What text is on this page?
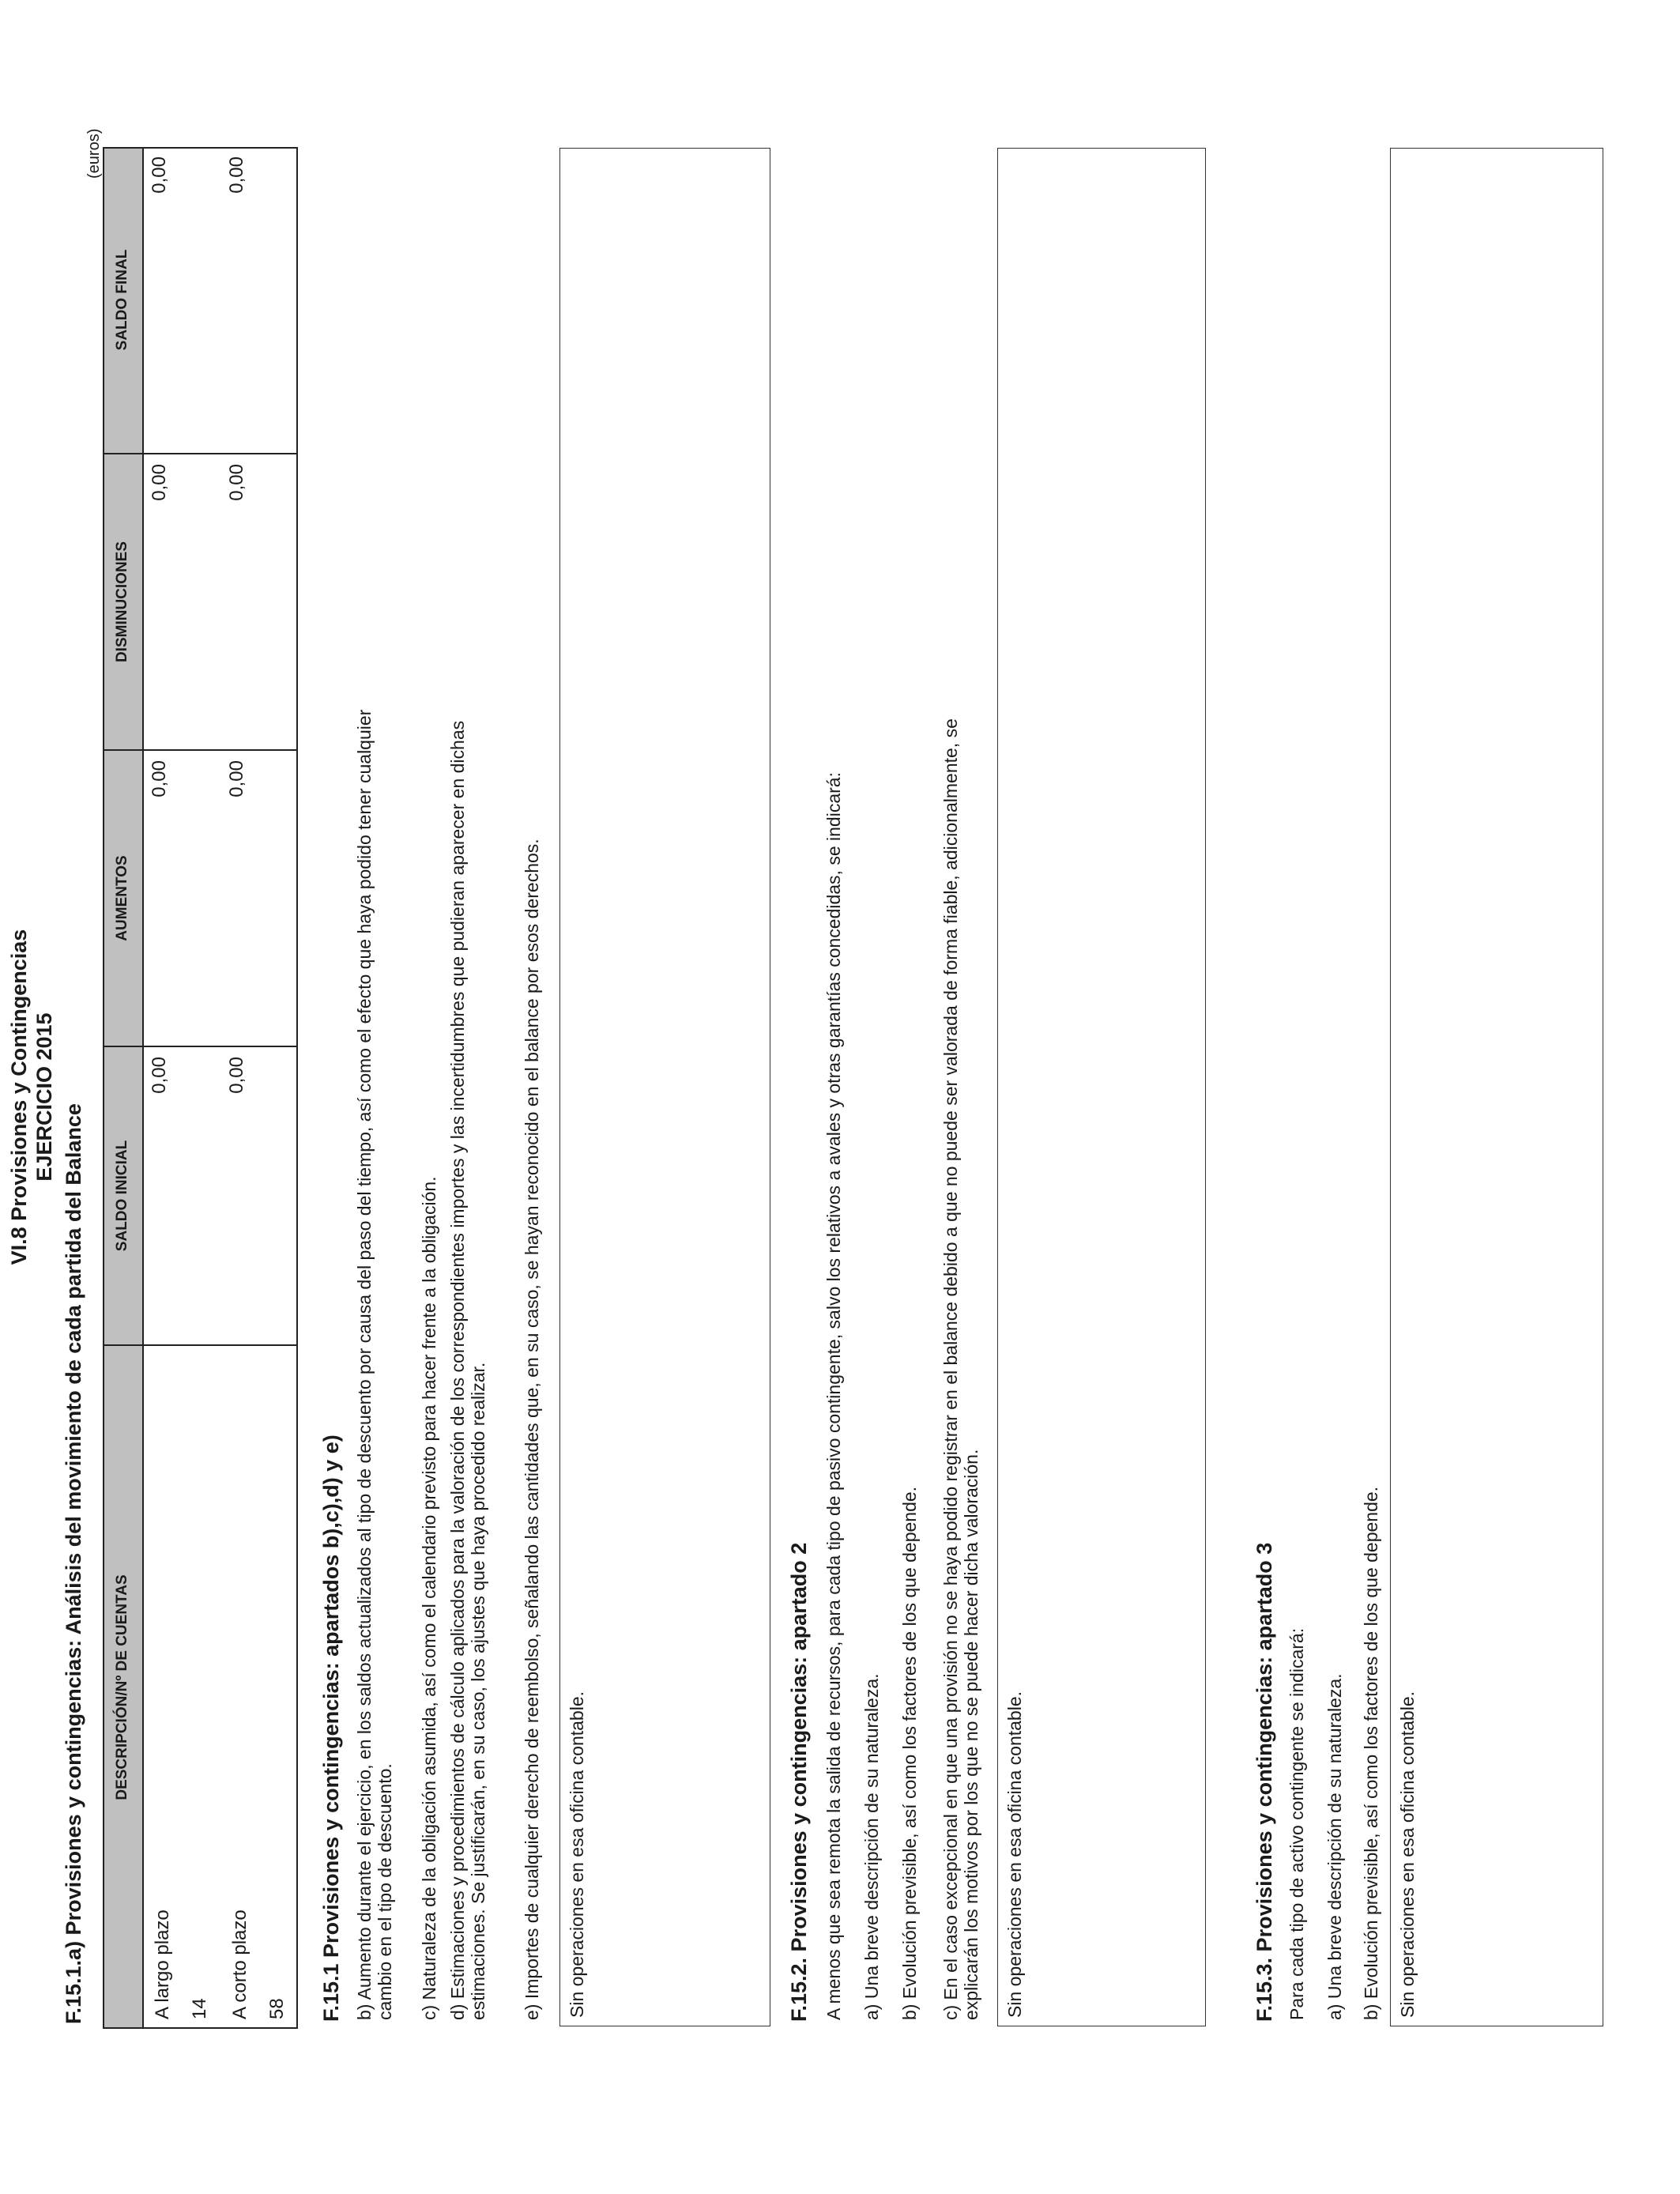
VI.8 Provisiones y Contingencias EJERCICIO 2015
F.15.1.a) Provisiones y contingencias: Análisis del movimiento de cada partida del Balance
(euros)
DESCRIPCIÓN/Nº DE CUENTAS	SALDO INICIAL	AUMENTOS	DISMINUCIONES	SALDO FINAL

A largo plazo 14	0,00	0,00	0,00	0,00

A corto plazo 58	0,00	0,00	0,00	0,00
F.15.1 Provisiones y contingencias: apartados b),c),d) y e) b) Aumento durante el ejercicio, en los saldos actualizados al tipo de descuento por causa del paso del tiempo, así como el efecto que haya podido tener cualquier cambio en el tipo de descuento. c) Naturaleza de la obligación asumida, así como el calendario previsto para hacer frente a la obligación. d) Estimaciones y procedimientos de cálculo aplicados para la valoración de los correspondientes importes y las incertidumbres que pudieran aparecer en dichas estimaciones. Se justificarán, en su caso, los ajustes que haya procedido realizar. e) Importes de cualquier derecho de reembolso, señalando las cantidades que, en su caso, se hayan reconocido en el balance por esos derechos. Sin operaciones en esa oficina contable.	F.15.2. Provisiones y contingencias: apartado 2 A menos que sea remota la salida de recursos, para cada tipo de pasivo contingente, salvo los relativos a avales y otras garantías concedidas, se indicará: a) Una breve descripción de su naturaleza. b) Evolución previsible, así como los factores de los que depende. c) En el caso excepcional en que una provisión no se haya podido registrar en el balance debido a que no puede ser valorada de forma fiable, adicionalmente, se explicarán los motivos por los que no se puede hacer dicha valoración. Sin operaciones en esa oficina contable.	F.15.3. Provisiones y contingencias: apartado 3 Para cada tipo de activo contingente se indicará: a) Una breve descripción de su naturaleza. b) Evolución previsible, así como los factores de los que depende. Sin operaciones en esa oficina contable.
